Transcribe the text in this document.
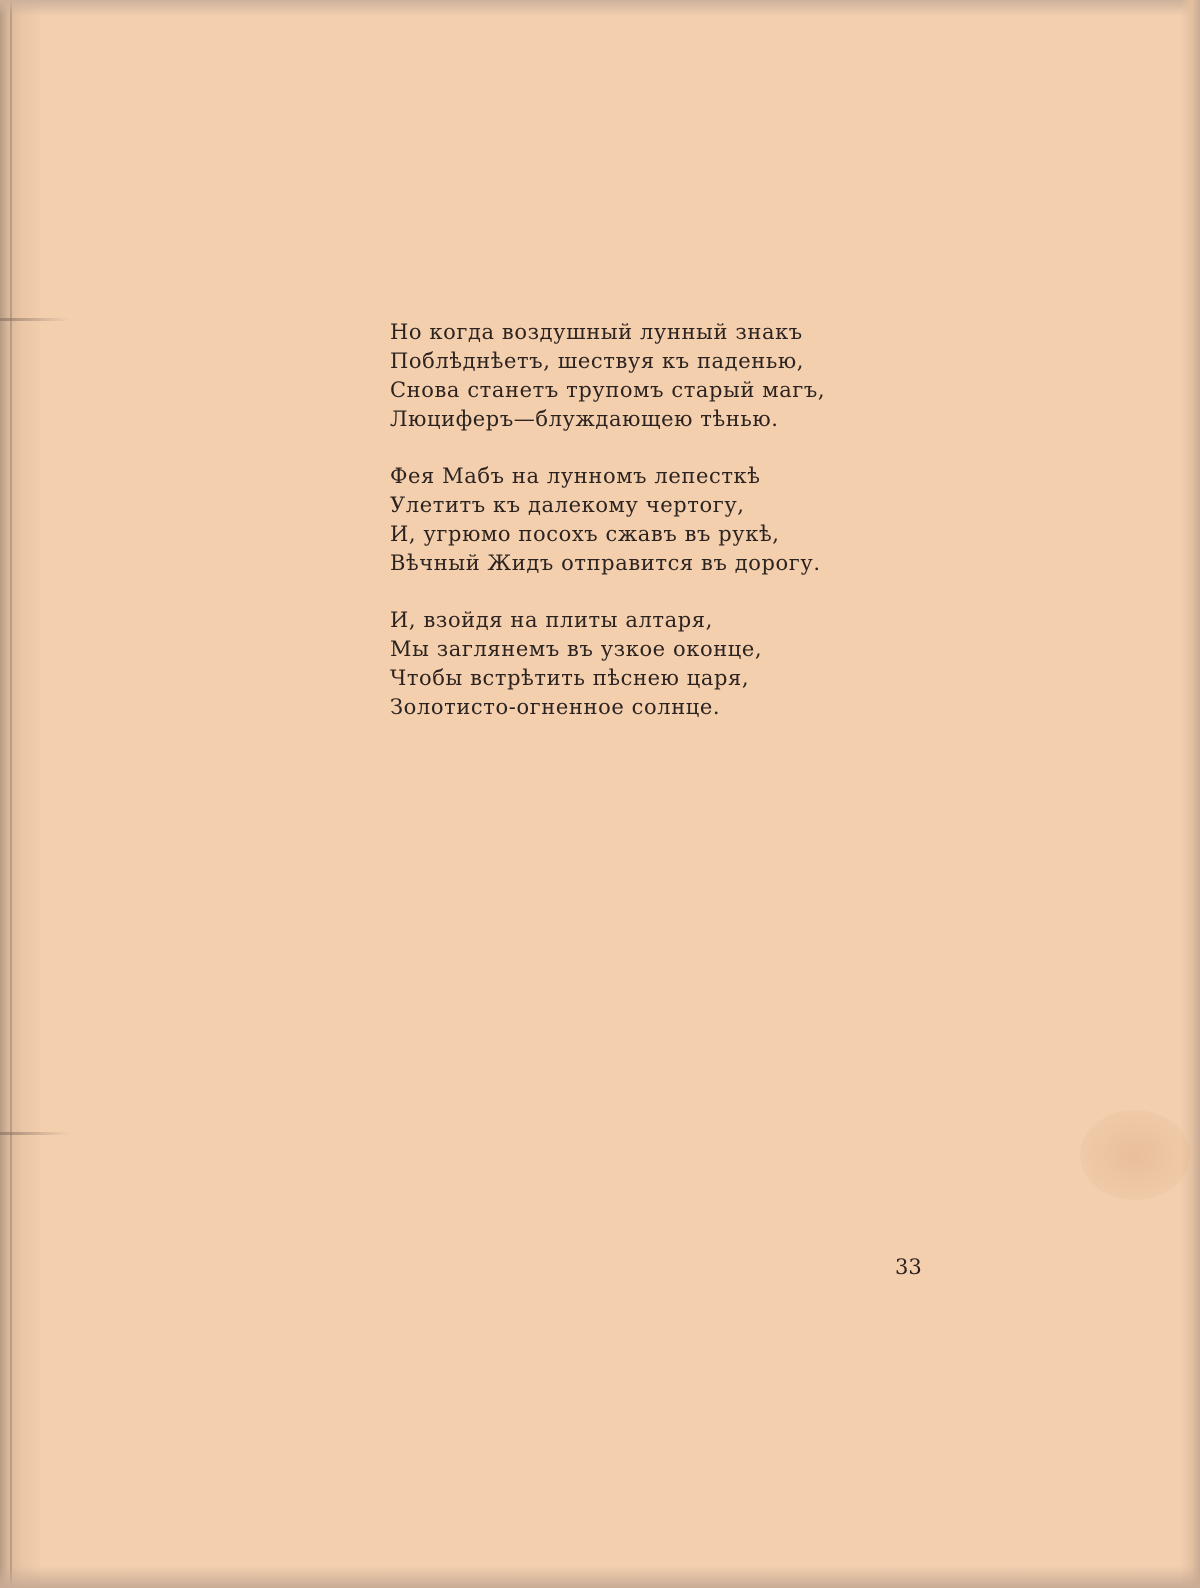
Но когда воздушный лунный знакъ
Поблѣднѣетъ, шествуя къ паденью,
Снова станетъ трупомъ старый магъ,
Люциферъ—блуждающею тѣнью.
Фея Мабъ на лунномъ лепесткѣ
Улетитъ къ далекому чертогу,
И, угрюмо посохъ сжавъ въ рукѣ,
Вѣчный Жидъ отправится въ дорогу.
И, взойдя на плиты алтаря,
Мы заглянемъ въ узкое оконце,
Чтобы встрѣтить пѣснею царя,
Золотисто-огненное солнце.
33
